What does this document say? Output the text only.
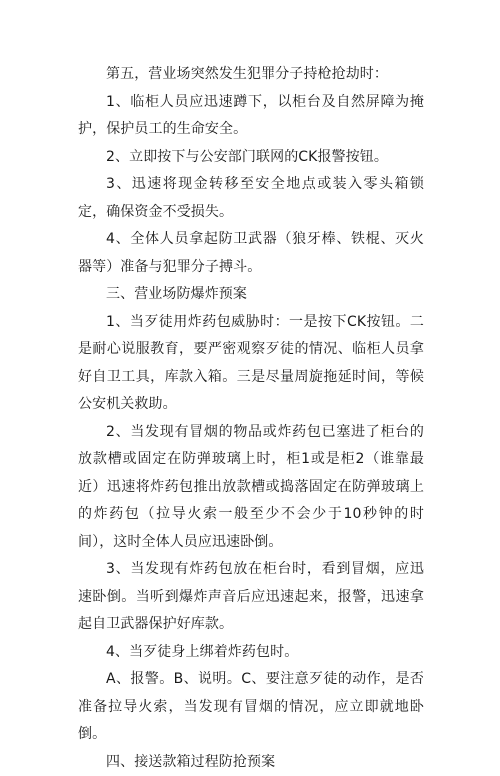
第五，营业场突然发生犯罪分子持枪抢劫时：

1、临柜人员应迅速蹲下，以柜台及自然屏障为掩护，保护员工的生命安全。

2、立即按下与公安部门联网的CK报警按钮。

3、迅速将现金转移至安全地点或装入零头箱锁定，确保资金不受损失。

4、全体人员拿起防卫武器（狼牙棒、铁棍、灭火器等）准备与犯罪分子搏斗。

三、营业场防爆炸预案

1、当歹徒用炸药包威胁时：一是按下CK按钮。二是耐心说服教育，要严密观察歹徒的情况、临柜人员拿好自卫工具，库款入箱。三是尽量周旋拖延时间，等候公安机关救助。

2、当发现有冒烟的物品或炸药包已塞进了柜台的放款槽或固定在防弹玻璃上时，柜1或是柜2（谁靠最近）迅速将炸药包推出放款槽或捣落固定在防弹玻璃上的炸药包（拉导火索一般至少不会少于10秒钟的时间），这时全体人员应迅速卧倒。

3、当发现有炸药包放在柜台时，看到冒烟，应迅速卧倒。当听到爆炸声音后应迅速起来，报警，迅速拿起自卫武器保护好库款。

4、当歹徒身上绑着炸药包时。

A、报警。B、说明。C、要注意歹徒的动作，是否准备拉导火索，当发现有冒烟的情况，应立即就地卧倒。

四、接送款箱过程防抢预案
